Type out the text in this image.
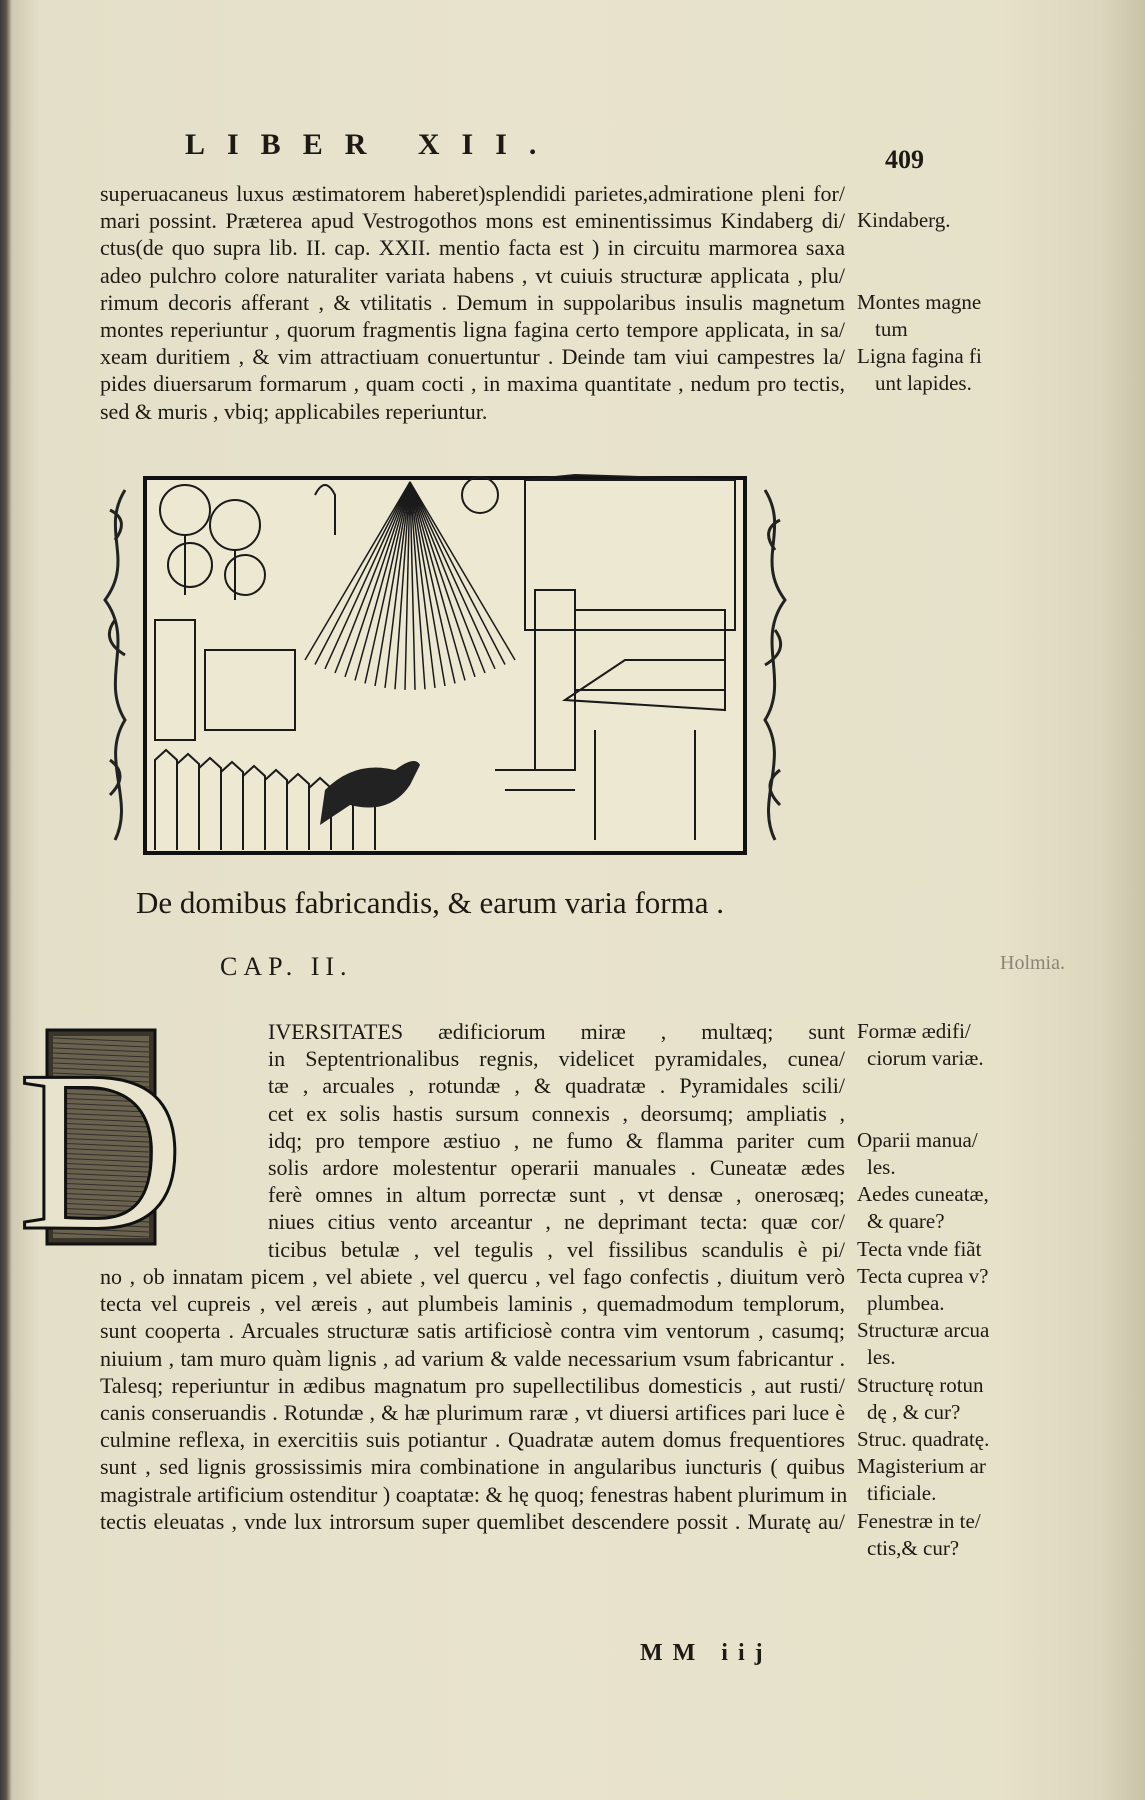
LIBER XII.	409
superuacaneus luxus æstimatorem haberet)splendidi parietes,admiratione pleni for/
mari possint. Præterea apud Vestrogothos mons est eminentissimus Kindaberg di/
ctus(de quo supra lib. II. cap. XXII. mentio facta est ) in circuitu marmorea saxa
adeo pulchro colore naturaliter variata habens , vt cuiuis structuræ applicata , plu/
rimum decoris afferant , & vtilitatis . Demum in suppolaribus insulis magnetum
montes reperiuntur , quorum fragmentis ligna fagina certo tempore applicata, in sa/
xeam duritiem , & vim attractiuam conuertuntur . Deinde tam viui campestres la/
pides diuersarum formarum , quam cocti , in maxima quantitate , nedum pro tectis,
sed & muris , vbiq; applicabiles reperiuntur.
Kindaberg.

Montes magne
tum
Ligna fagina fi
unt lapides.
De domibus fabricandis, & earum varia forma .
CAP. II.	Holmia.
D	IVERSITATES ædificiorum miræ , multæq; sunt
in Septentrionalibus regnis, videlicet pyramidales, cunea/
tæ , arcuales , rotundæ , & quadratæ . Pyramidales scili/
cet ex solis hastis sursum connexis , deorsumq; ampliatis ,
idq; pro tempore æstiuo , ne fumo & flamma pariter cum
solis ardore molestentur operarii manuales . Cuneatæ ædes
ferè omnes in altum porrectæ sunt , vt densæ , onerosæq;
niues citius vento arceantur , ne deprimant tecta: quæ cor/
ticibus betulæ , vel tegulis , vel fissilibus scandulis è pi/
no , ob innatam picem , vel abiete , vel quercu , vel fago confectis , diuitum verò
tecta vel cupreis , vel æreis , aut plumbeis laminis , quemadmodum templorum,
sunt cooperta . Arcuales structuræ satis artificiosè contra vim ventorum , casumq;
niuium , tam muro quàm lignis , ad varium & valde necessarium vsum fabricantur .
Talesq; reperiuntur in ædibus magnatum pro supellectilibus domesticis , aut rusti/
canis conseruandis . Rotundæ , & hæ plurimum raræ , vt diuersi artifices pari luce è
culmine reflexa, in exercitiis suis potiantur . Quadratæ autem domus frequentiores
sunt , sed lignis grossissimis mira combinatione in angularibus iuncturis ( quibus
magistrale artificium ostenditur ) coaptatæ: & hę quoq; fenestras habent plurimum in
tectis eleuatas , vnde lux introrsum super quemlibet descendere possit . Muratę au/
Formæ ædifi/
ciorum variæ.

Oparii manua/
les.
Aedes cuneatæ,
& quare?
Tecta vnde fiãt
Tecta cuprea v?
plumbea.
Structuræ arcua
les.
Structurę rotun
dę , & cur?
Struc. quadratę.
Magisterium ar
tificiale.
Fenestræ in te/
ctis,& cur?
MM iij
